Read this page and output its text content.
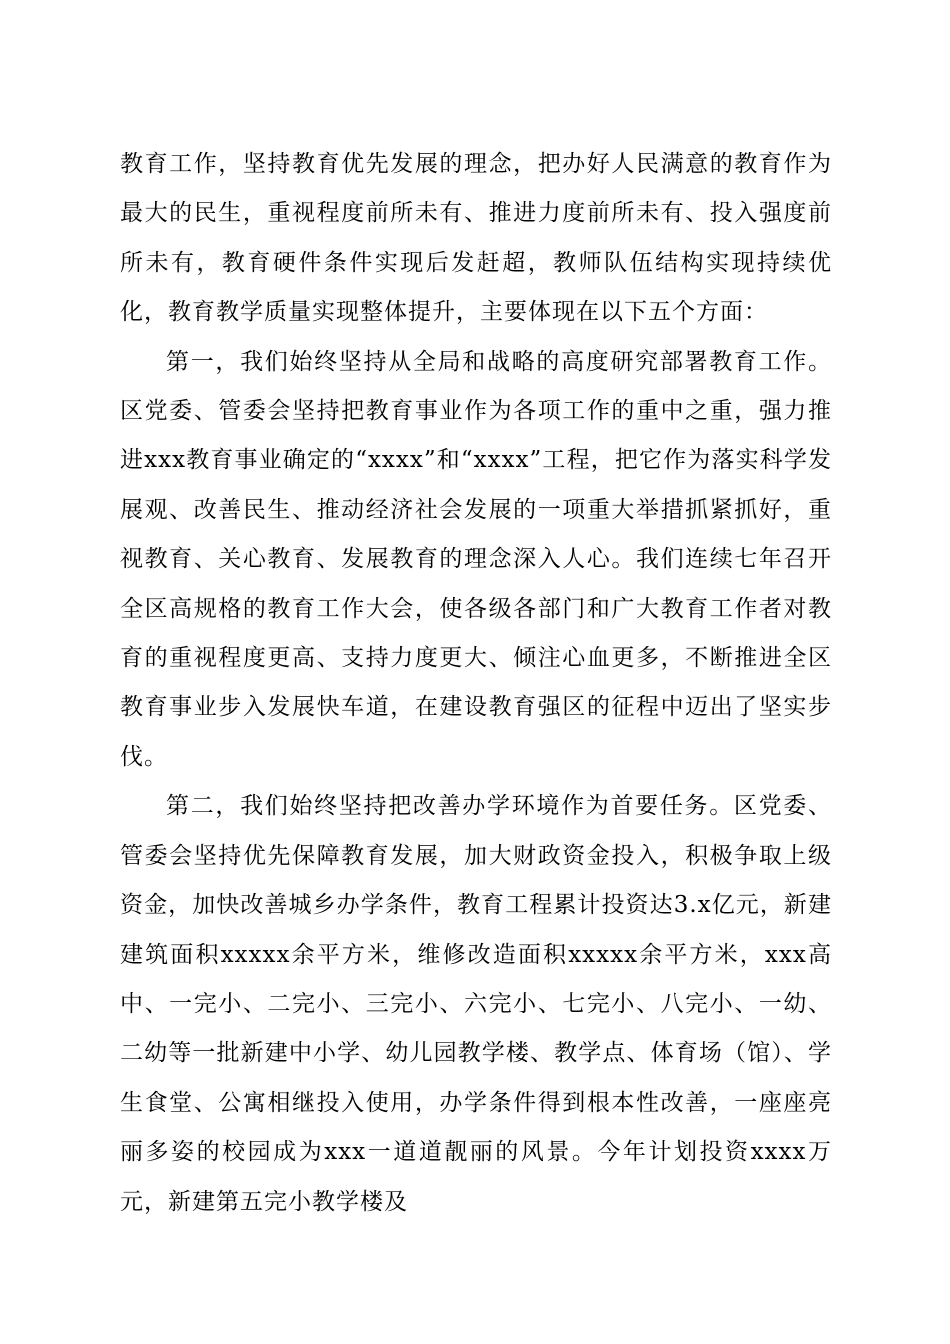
教育工作，坚持教育优先发展的理念，把办好人民满意的教育作为最大的民生，重视程度前所未有、推进力度前所未有、投入强度前所未有，教育硬件条件实现后发赶超，教师队伍结构实现持续优化，教育教学质量实现整体提升，主要体现在以下五个方面：

第一，我们始终坚持从全局和战略的高度研究部署教育工作。区党委、管委会坚持把教育事业作为各项工作的重中之重，强力推进xxx教育事业确定的“xxxx”和“xxxx”工程，把它作为落实科学发展观、改善民生、推动经济社会发展的一项重大举措抓紧抓好，重视教育、关心教育、发展教育的理念深入人心。我们连续七年召开全区高规格的教育工作大会，使各级各部门和广大教育工作者对教育的重视程度更高、支持力度更大、倾注心血更多，不断推进全区教育事业步入发展快车道，在建设教育强区的征程中迈出了坚实步伐。

第二，我们始终坚持把改善办学环境作为首要任务。区党委、管委会坚持优先保障教育发展，加大财政资金投入，积极争取上级资金，加快改善城乡办学条件，教育工程累计投资达3.x亿元，新建建筑面积xxxxx余平方米，维修改造面积xxxxx余平方米，xxx高中、一完小、二完小、三完小、六完小、七完小、八完小、一幼、二幼等一批新建中小学、幼儿园教学楼、教学点、体育场（馆）、学生食堂、公寓相继投入使用，办学条件得到根本性改善，一座座亮丽多姿的校园成为xxx一道道靓丽的风景。今年计划投资xxxx万元，新建第五完小教学楼及
